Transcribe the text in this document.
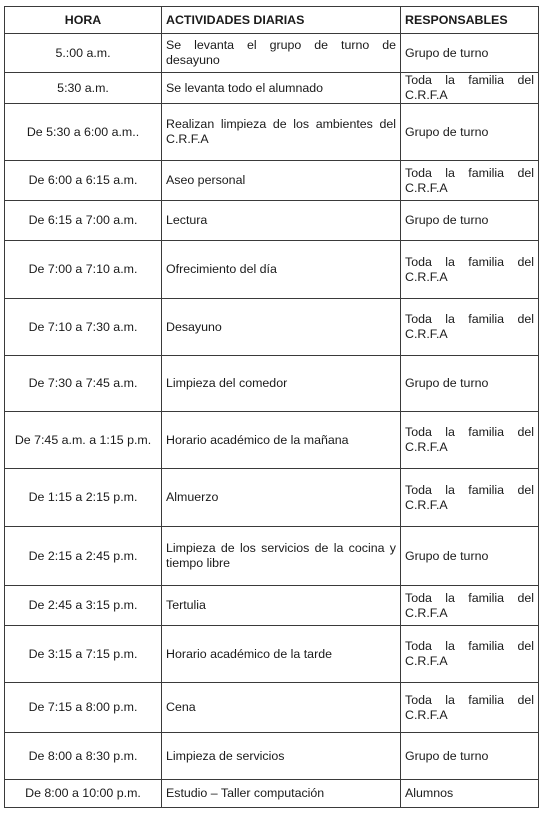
HORA	ACTIVIDADES DIARIAS	RESPONSABLES
5.:00 a.m.	Se levanta el grupo de turno de desayuno	Grupo de turno
5:30 a.m.	Se levanta todo el alumnado	Toda la familia del C.R.F.A
De 5:30 a 6:00 a.m..	Realizan limpieza de los ambientes del C.R.F.A	Grupo de turno
De 6:00 a 6:15 a.m.	Aseo personal	Toda la familia del C.R.F.A
De 6:15 a 7:00 a.m.	Lectura	Grupo de turno
De 7:00 a 7:10 a.m.	Ofrecimiento del día	Toda la familia del C.R.F.A
De 7:10 a 7:30 a.m.	Desayuno	Toda la familia del C.R.F.A
De 7:30 a 7:45 a.m.	Limpieza del comedor	Grupo de turno
De 7:45 a.m. a 1:15 p.m.	Horario académico de la mañana	Toda la familia del C.R.F.A
De 1:15 a 2:15 p.m.	Almuerzo	Toda la familia del C.R.F.A
De 2:15 a 2:45 p.m.	Limpieza de los servicios de la cocina y tiempo libre	Grupo de turno
De 2:45 a 3:15 p.m.	Tertulia	Toda la familia del C.R.F.A
De 3:15 a 7:15 p.m.	Horario académico de la tarde	Toda la familia del C.R.F.A
De 7:15 a 8:00 p.m.	Cena	Toda la familia del C.R.F.A
De 8:00 a 8:30 p.m.	Limpieza de servicios	Grupo de turno
De 8:00 a 10:00 p.m.	Estudio – Taller computación	Alumnos
